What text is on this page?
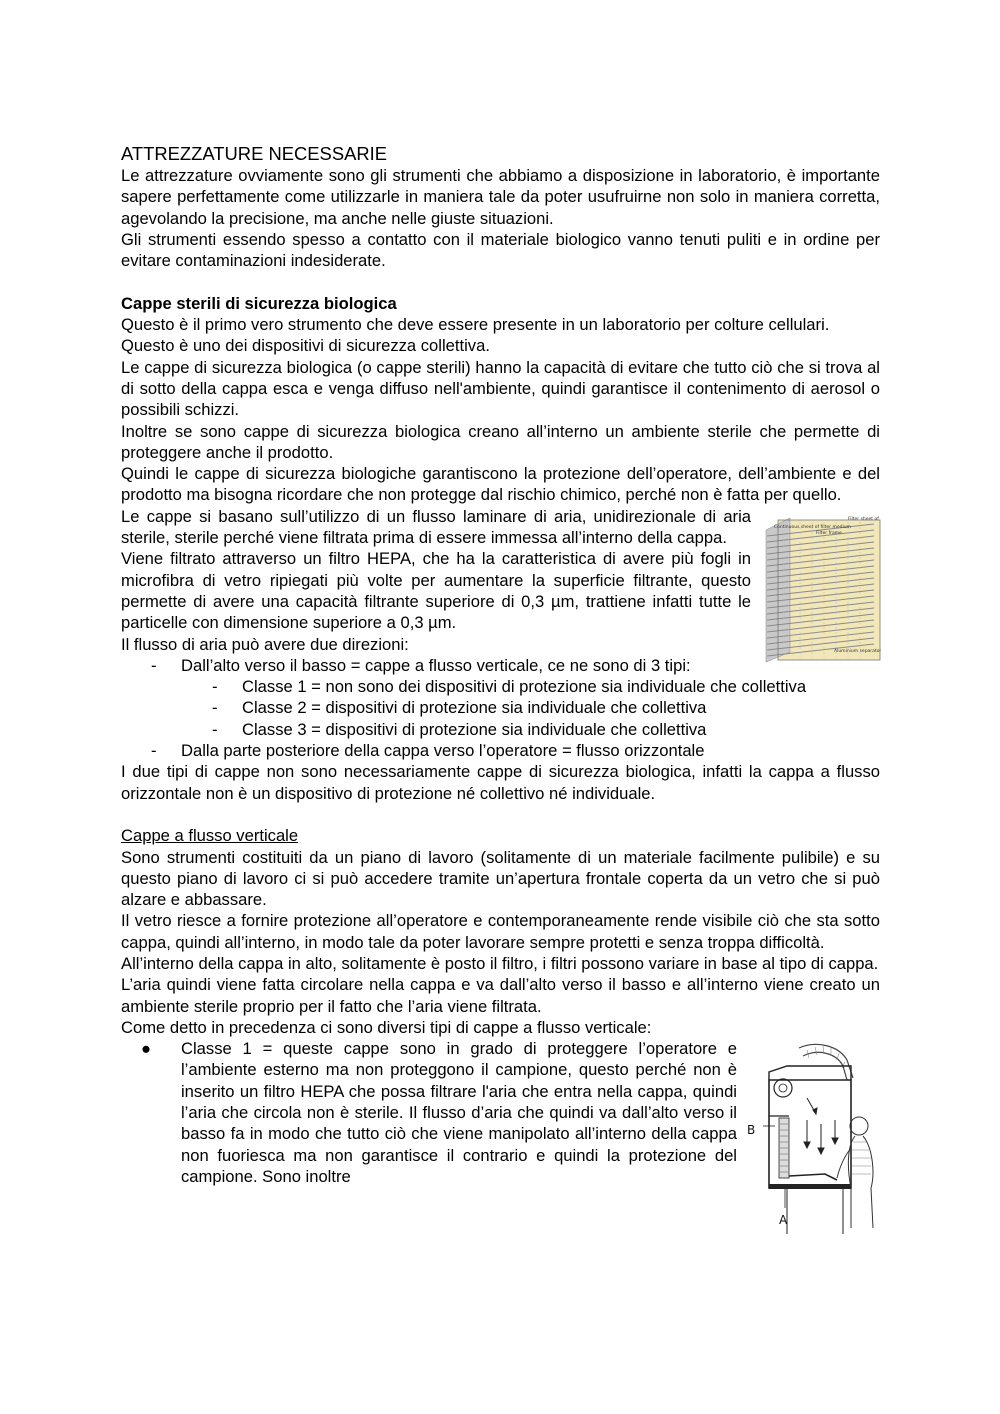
ATTREZZATURE NECESSARIE

Le attrezzature ovviamente sono gli strumenti che abbiamo a disposizione in laboratorio, è importante sapere perfettamente come utilizzarle in maniera tale da poter usufruirne non solo in maniera corretta, agevolando la precisione, ma anche nelle giuste situazioni.

Gli strumenti essendo spesso a contatto con il materiale biologico vanno tenuti puliti e in ordine per evitare contaminazioni indesiderate.

Cappe sterili di sicurezza biologica

Questo è il primo vero strumento che deve essere presente in un laboratorio per colture cellulari.

Questo è uno dei dispositivi di sicurezza collettiva.

Le cappe di sicurezza biologica (o cappe sterili) hanno la capacità di evitare che tutto ciò che si trova al di sotto della cappa esca e venga diffuso nell'ambiente, quindi garantisce il contenimento di aerosol o possibili schizzi.

Inoltre se sono cappe di sicurezza biologica creano all’interno un ambiente sterile che permette di proteggere anche il prodotto.

Quindi le cappe di sicurezza biologiche garantiscono la protezione dell’operatore, dell’ambiente e del prodotto ma bisogna ricordare che non protegge dal rischio chimico, perché non è fatta per quello.

Le cappe si basano sull’utilizzo di un flusso laminare di aria, unidirezionale di aria sterile, sterile perché viene filtrata prima di essere immessa all’interno della cappa.

Viene filtrato attraverso un filtro HEPA, che ha la caratteristica di avere più fogli in microfibra di vetro ripiegati più volte per aumentare la superficie filtrante, questo permette di avere una capacità filtrante superiore di 0,3 µm, trattiene infatti tutte le particelle con dimensione superiore a 0,3 µm.

Il flusso di aria può avere due direzioni:

Continuous sheet of filter medium
Filter frame
Filter sheet of
Aluminium separator
- Dall’alto verso il basso = cappe a flusso verticale, ce ne sono di 3 tipi:
- Classe 1 = non sono dei dispositivi di protezione sia individuale che collettiva
- Classe 2 = dispositivi di protezione sia individuale che collettiva
- Classe 3 = dispositivi di protezione sia individuale che collettiva
- Dalla parte posteriore della cappa verso l’operatore = flusso orizzontale

I due tipi di cappe non sono necessariamente cappe di sicurezza biologica, infatti la cappa a flusso orizzontale non è un dispositivo di protezione né collettivo né individuale.

Cappe a flusso verticale

Sono strumenti costituiti da un piano di lavoro (solitamente di un materiale facilmente pulibile) e su questo piano di lavoro ci si può accedere tramite un’apertura frontale coperta da un vetro che si può alzare e abbassare.

Il vetro riesce a fornire protezione all’operatore e contemporaneamente rende visibile ciò che sta sotto cappa, quindi all’interno, in modo tale da poter lavorare sempre protetti e senza troppa difficoltà.

All’interno della cappa in alto, solitamente è posto il filtro, i filtri possono variare in base al tipo di cappa.

L’aria quindi viene fatta circolare nella cappa e va dall’alto verso il basso e all’interno viene creato un ambiente sterile proprio per il fatto che l’aria viene filtrata.

Come detto in precedenza ci sono diversi tipi di cappe a flusso verticale:

● Classe 1 = queste cappe sono in grado di proteggere l’operatore e l’ambiente esterno ma non proteggono il campione, questo perché non è inserito un filtro HEPA che possa filtrare l'aria che entra nella cappa, quindi l’aria che circola non è sterile. Il flusso d’aria che quindi va dall’alto verso il basso fa in modo che tutto ciò che viene manipolato all’interno della cappa non fuoriesca ma non garantisce il contrario e quindi la protezione del campione. Sono inoltre
B
A
